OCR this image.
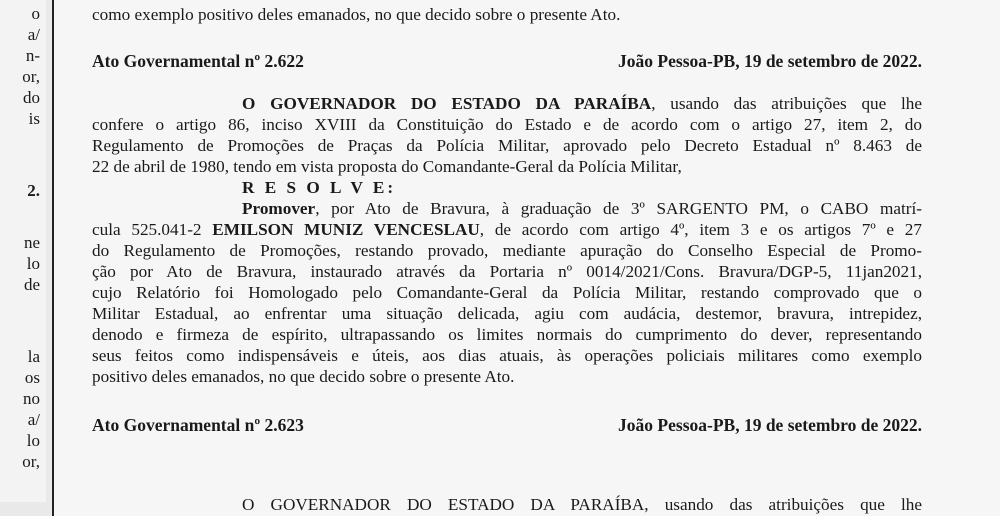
o
a/
n-
or,
do
is
2.
ne
lo
de
la
os
no
a/
lo
or,
como exemplo positivo deles emanados, no que decido sobre o presente Ato.
Ato Governamental nº 2.622	João Pessoa-PB, 19 de setembro de 2022.
O GOVERNADOR DO ESTADO DA PARAÍBA, usando das atribuições que lhe
confere o artigo 86, inciso XVIII da Constituição do Estado e de acordo com o artigo 27, item 2, do
Regulamento de Promoções de Praças da Polícia Militar, aprovado pelo Decreto Estadual nº 8.463 de
22 de abril de 1980, tendo em vista proposta do Comandante-Geral da Polícia Militar,
R E S O L V E:
Promover, por Ato de Bravura, à graduação de 3º SARGENTO PM, o CABO matrí-
cula 525.041-2 EMILSON MUNIZ VENCESLAU, de acordo com artigo 4º, item 3 e os artigos 7º e 27
do Regulamento de Promoções, restando provado, mediante apuração do Conselho Especial de Promo-
ção por Ato de Bravura, instaurado através da Portaria nº 0014/2021/Cons. Bravura/DGP-5, 11jan2021,
cujo Relatório foi Homologado pelo Comandante-Geral da Polícia Militar, restando comprovado que o
Militar Estadual, ao enfrentar uma situação delicada, agiu com audácia, destemor, bravura, intrepidez,
denodo e firmeza de espírito, ultrapassando os limites normais do cumprimento do dever, representando
seus feitos como indispensáveis e úteis, aos dias atuais, às operações policiais militares como exemplo
positivo deles emanados, no que decido sobre o presente Ato.
Ato Governamental nº 2.623	João Pessoa-PB, 19 de setembro de 2022.
O GOVERNADOR DO ESTADO DA PARAÍBA, usando das atribuições que lhe
